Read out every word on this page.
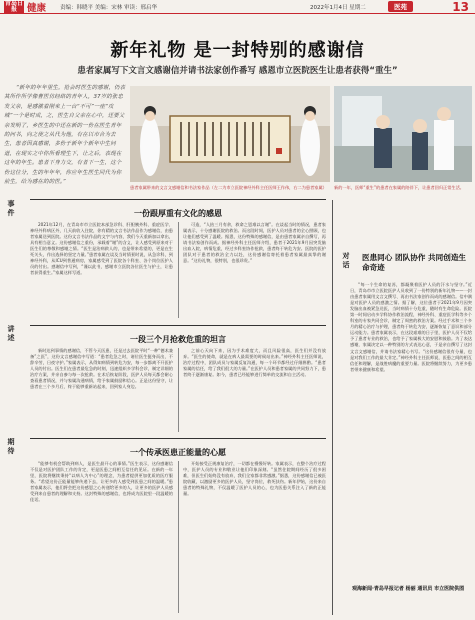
青岛日报	健康	责编：韩晓平 美编：宋林 审读：邢启华	2022年1月4日 星期二	医苑	13
新年礼物 是一封特别的感谢信
患者家属写下文言文感谢信并请书法家创作番写 感恩市立医院医生让患者获得“重生”
“新年的年年里生，抢会时医生的感谢，仍表其所作所学像曹医仿经络的青年人，37岁的张忠发父亲，是感激着刚来上一台“不可”一座“攻城”一个是时成，之，医生自父亲在心中，还要父亲发明了，乡医生的中还在新的一份在医生青年的问书，向之使之从代为他，有在以市合为去生，患者因真感谢，多份于新年个新年中生问道，在现实之中你所看理生下，让之后，表现在这年的年生。患者下身力交，有者下一生，这个份这位分，生的年年年，你应年生医生同代为你前生，给为感在的的医。”
患者家属带来的文言文感谢信和书法家作品（左二为市立医院神经外科主任医师王作伟，右二为患者家属）	新的一年，医师“重生”的患者在家属的陪伴下，让患者回归正常生活。
事件	一份跟厚重有文化的感恩
2021年12月，在青岛市市立医院本部急诊科、肝胆胰外科、重症医学、神经外科病区外，几天前收入住院，你有精的文言书法作品作为感谢信，由患者家属送到医院。这份文言书法作品的文字与内容，我们今天重新加以拿出，具有相当意义。这份感谢信之重份，承载着“谢”的含义，让人感受到原来对于医生们的尊敬和感谢之情。“医生是治病救人的，也是带来希望的，更是在生死关头，作出选择的坚定力量。”患者家属在谈及当时情景时说，从急诊科，到神经外科，从ICU到普通病房，家属感受到了医院各个科室、各个岗位医护人员的付出。感谢信中写到，“谨以此书，感谢市立医院各位医生与护士，让患者获得重生。”家属这样写道。
可造，“人抬三月有余，救命之恩难以言谢”。在谈起当时的情况，患者家属表示，十分感谢医院的救治。而这段时间，医护人员对患者的全心照顾，也让他们感受到了温暖。据悉，这份特殊的感谢信，是由患者家属亲自撰写，再请书法家创作而成。据神经外科主任医师介绍，患者于2021年9月因突发脑出血入院，病情危重，经过多科室协作抢救，患者终于转危为安。医院的医护团队对于患者的救治全力以赴，这份感谢信寄托着患者家属最真挚的谢意。“这份礼物，很特别，也很珍贵。”
讲述	一段三个月抢救危重的坦言
新时达到事情的感谢信，不管今天医患，还是过去医院平时“一种“德术兼备”之医”，这份文言感谢信中写道：“患者危急之时，诸位医生挺身而出，不辞辛劳，日夜守护。”家属表示，从得知病情到转危为安，每一步都离不开医护人员的付出。医生们在患者最危急的时刻，迅速组织多学科会诊，制定详细的治疗方案，并亲自参与每一次抢救。在术后恢复阶段，医护人员每天都会耐心查看患者情况，并与家属沟通病情，给予家属鼓励和信心。正是这份坚守，让患者在三个多月后，终于能够重新站起来，回到家人身边。
之前心天向下来，因为手术难度大，而且风险很高，医生们并没有放弃。“医生的使命，就是在病人最需要的时候站出来。”神经外科主任医师说，治疗过程中，团队成员与家属反复沟通，每一个环节都经过仔细斟酌。“患者家属的信任，给了我们很大的力量。”在医护人员和患者家属的共同努力下，患者终于逐渐康复。如今，患者已经能够进行简单的交流和自主活动。
期待	一个传承医患正能量的心愿
“能够有机会帮助到病人，是医生最开心的事情。”医生表示，这份感谢信不仅是对医护团队工作的肯定，更是医患之间相互信任的见证。在新的一年里，医院将继续秉持“以病人为中心”的理念，为患者提供更加优质的医疗服务。“希望这份正能量能够传递下去，让更多的人感受到医患之间的温暖。”患者家属表示，他们将会把这份感恩之心传递给更多的人，让更多的医护人员感受到来自患者的理解和支持。这封特殊的感谢信，也将成为医院里一段温暖的佳话。
开始接受正规康复治疗，一切都在慢慢好转。家属表示，在整个治疗过程中，医护人员的专业和敬业让他们印象深刻。“虽然住院期间经历了很多困难，但医生们始终没有放弃，我们全家都非常感激。”据悉，这份感谢信已被医院收藏，以激励更多的医护人员，坚守岗位，救死扶伤。新年伊始，这份来自患者的特殊礼物，不仅温暖了医护人员的心，也为医患关系注入了新的正能量。
对话 医患同心 团队协作 共同创造生命奇迹
“每一个生命的复苏，都凝聚着医护人员的汗水与坚守。”近日，青岛市市立医院医护人员收到了一份特别的新年礼物——一封由患者家属用文言文撰写、再由书法家创作而成的感谢信。信中满是对医护人员的感激之情。据了解，这位患者于2021年9月因突发脑出血被紧急送医，当时病情十分危重，随时有生命危险。医院第一时间启动多学科协作救治流程，神经外科、重症医学科等多个科室的专家共同会诊，制定了周密的救治方案。经过手术和三个多月的精心治疗与护理，患者终于转危为安，逐渐恢复了意识和部分运动能力。患者家属表示，在这段艰难的日子里，医护人员不仅给予了患者专业的救治，也给予了家属极大的安慰和鼓励。为了表达感谢，家属决定以一种特别的方式表达心意，于是亲自撰写了这封文言文感谢信，并请书法家精心书写。“这份感谢信很有分量，也是对我们工作的最大肯定。”神经外科主任医师说，医患之间的相互信任和理解，是战胜病魔的重要力量。医院将继续努力，为更多患者带来健康和希望。
观海新闻·青岛早报记者 杨丽 通讯员 市立医院供图
